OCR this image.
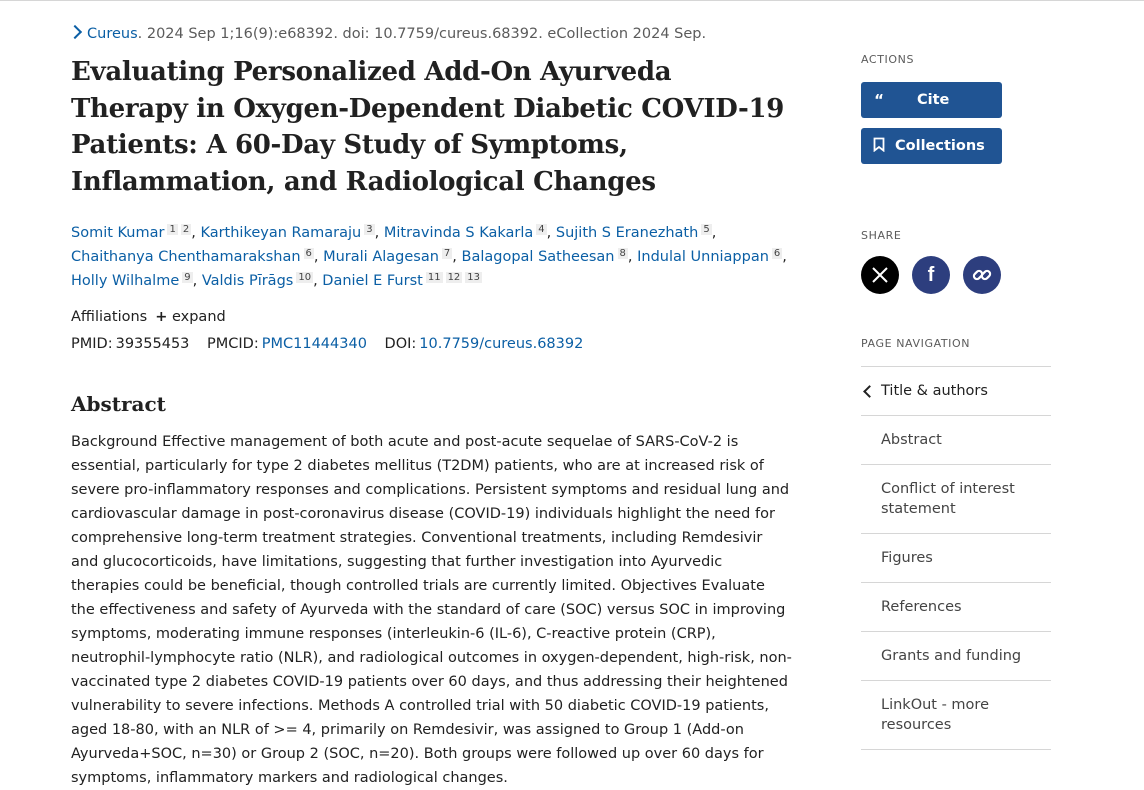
Cureus. 2024 Sep 1;16(9):e68392. doi: 10.7759/cureus.68392. eCollection 2024 Sep.
Evaluating Personalized Add-On Ayurveda Therapy in Oxygen-Dependent Diabetic COVID-19 Patients: A 60-Day Study of Symptoms, Inflammation, and Radiological Changes
Somit Kumar $^1$ $^2$ , Karthikeyan Ramaraju $^3$ , Mitravinda S Kakarla $^4$ , Sujith S Eranezhath $^5$ ,
Chaithanya Chenthamarakshan $^6$ , Murali Alagesan $^7$ , Balagopal Satheesan $^8$ , Indulal Unniappan $^6$ ,
Holly Wilhalme $^9$ , Valdis Pīrāgs $^{10}$ , Daniel E Furst $^{11}$ $^{12}$ $^{13}$
Affiliations + expand
PMID: 39355453 PMCID: PMC11444340 DOI: 10.7759/cureus.68392
Abstract

Background Effective management of both acute and post-acute sequelae of SARS-CoV-2 is essential, particularly for type 2 diabetes mellitus (T2DM) patients, who are at increased risk of severe pro-inflammatory responses and complications. Persistent symptoms and residual lung and cardiovascular damage in post-coronavirus disease (COVID-19) individuals highlight the need for comprehensive long-term treatment strategies. Conventional treatments, including Remdesivir and glucocorticoids, have limitations, suggesting that further investigation into Ayurvedic therapies could be beneficial, though controlled trials are currently limited. Objectives Evaluate the effectiveness and safety of Ayurveda with the standard of care (SOC) versus SOC in improving symptoms, moderating immune responses (interleukin-6 (IL-6), C-reactive protein (CRP), neutrophil-lymphocyte ratio (NLR), and radiological outcomes in oxygen-dependent, high-risk, non-vaccinated type 2 diabetes COVID-19 patients over 60 days, and thus addressing their heightened vulnerability to severe infections. Methods A controlled trial with 50 diabetic COVID-19 patients, aged 18-80, with an NLR of >= 4, primarily on Remdesivir, was assigned to Group 1 (Add-on Ayurveda+SOC, n=30) or Group 2 (SOC, n=20). Both groups were followed up over 60 days for symptoms, inflammatory markers and radiological changes.

ACTIONS
“	Cite
Collections
SHARE
f
PAGE NAVIGATION
Title & authors
Abstract
Conflict of interest statement
Figures
References
Grants and funding
LinkOut - more resources
